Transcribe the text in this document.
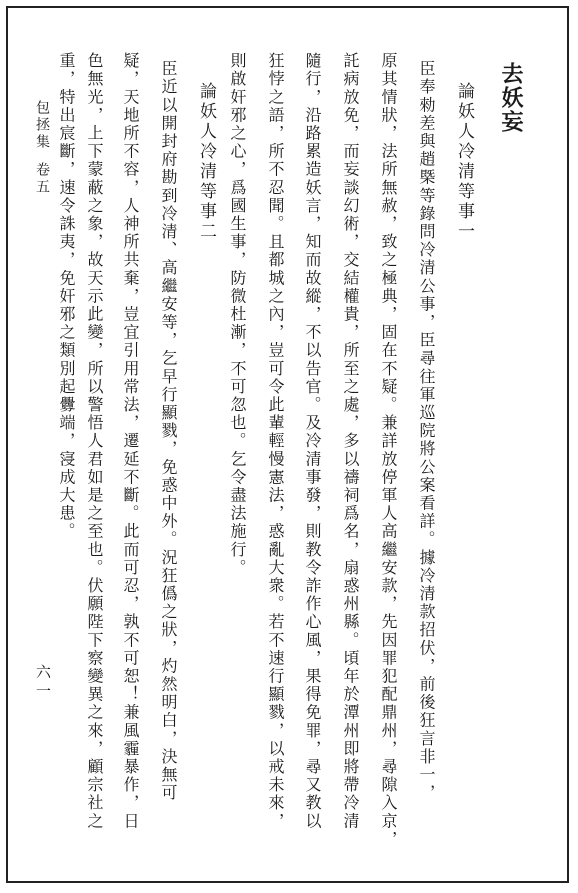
去妖妄
論妖人冷清等事一
臣奉勑差與趙槩等錄問冷清公事，臣尋往軍巡院將公案看詳。據冷清款招伏，前後狂言非一，
原其情狀，法所無赦，致之極典，固在不疑。兼詳放停軍人高繼安款，先因罪犯配鼎州，尋隙入京，
託病放免，而妄談幻術，交結權貴，所至之處，多以禱祠爲名，扇惑州縣。頃年於潭州即將帶冷清
隨行，沿路累造妖言，知而故縱，不以告官。及冷清事發，則教令詐作心風，果得免罪，尋又教以
狂悖之語，所不忍聞。且都城之內，豈可令此輩輕慢憲法，惑亂大衆。若不速行顯戮，以戒未來，
則啟奸邪之心，爲國生事，防微杜漸，不可忽也。乞令盡法施行。
論妖人冷清等事二
臣近以開封府勘到冷清、高繼安等，乞早行顯戮，免惑中外。況狂僞之狀，灼然明白，決無可
疑，天地所不容，人神所共棄，豈宜引用常法，遷延不斷。此而可忍，孰不可恕！兼風霾暴作，日
色無光，上下蒙蔽之象，故天示此變，所以警悟人君如是之至也。伏願陛下察變異之來，顧宗社之
重，特出宸斷，速令誅夷，免奸邪之類別起釁端，寖成大患。
包拯集
卷五
六一
